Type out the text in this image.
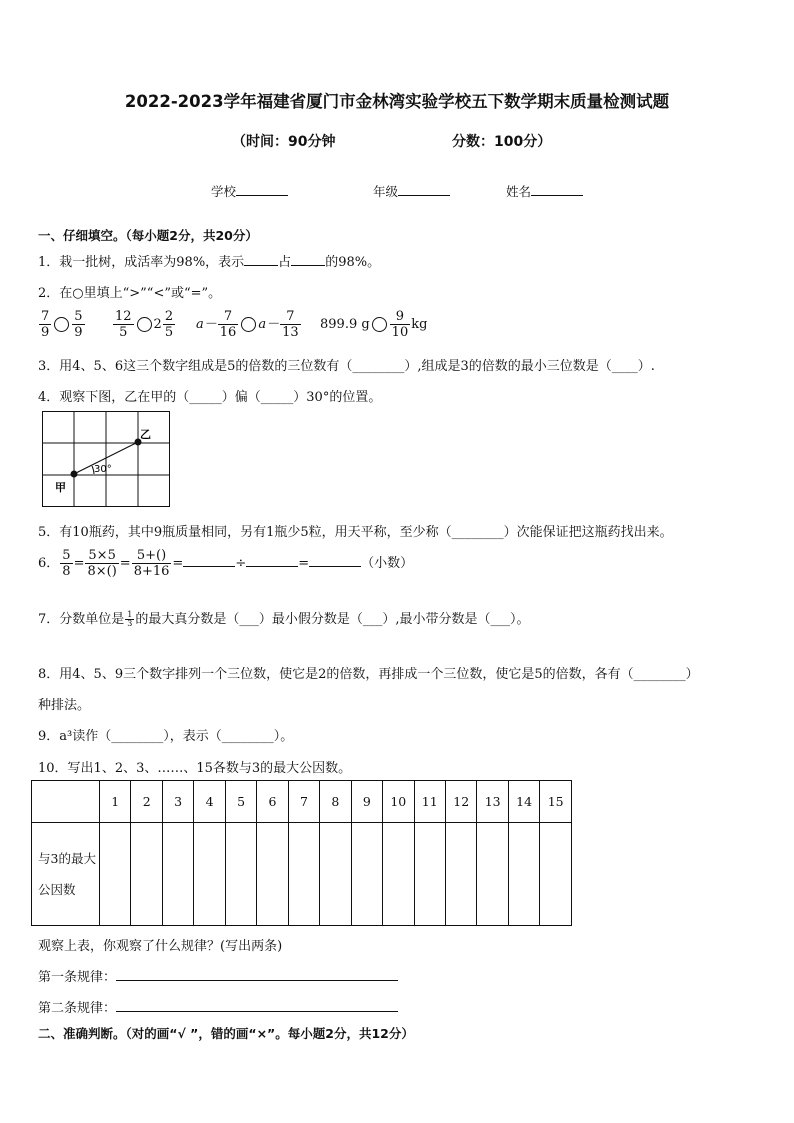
2022-2023学年福建省厦门市金林湾实验学校五下数学期末质量检测试题
（时间：90分钟	分数：100分）
学校	年级	姓名
一、仔细填空。（每小题2分，共20分）
1．栽一批树，成活率为98%，表示	占	的98%。
2．在○里填上“>”“<”或“=”。
$\frac{7}{9} \frac{5}{9} \frac{12}{5} 2 \frac{2}{5} a- \frac{7}{16} a- \frac{7}{13} 899.9$ g $\frac{9}{10}$ kg
3．用4、5、6这三个数字组成是5的倍数的三位数有（________）,组成是3的倍数的最小三位数是（____）.
4．观察下图，乙在甲的（_____）偏（_____）30°的位置。
甲
乙
30°
5．有10瓶药，其中9瓶质量相同，另有1瓶少5粒，用天平称，至少称（________）次能保证把这瓶药找出来。
6． $\frac{5}{8} = \frac{5\times 5}{8\times()} = \frac{5+()}{8+16}$ =	÷	=	（小数）
7．分数单位是 $\frac{1}{3}$ 的最大真分数是（___）最小假分数是（___）,最小带分数是（___）。
8．用4、5、9三个数字排列一个三位数，使它是2的倍数，再排成一个三位数，使它是5的倍数，各有（________）
种排法。
9．a³读作（________），表示（________）。
10．写出1、2、3、……、15各数与3的最大公因数。
	1	2	3	4	5	6	7	8	9	10	11	12	13	14	15
与3的最大公因数															
观察上表，你观察了什么规律？(写出两条)
第一条规律：
第二条规律：
二、准确判断。（对的画“√ ”，错的画“×”。每小题2分，共12分）
